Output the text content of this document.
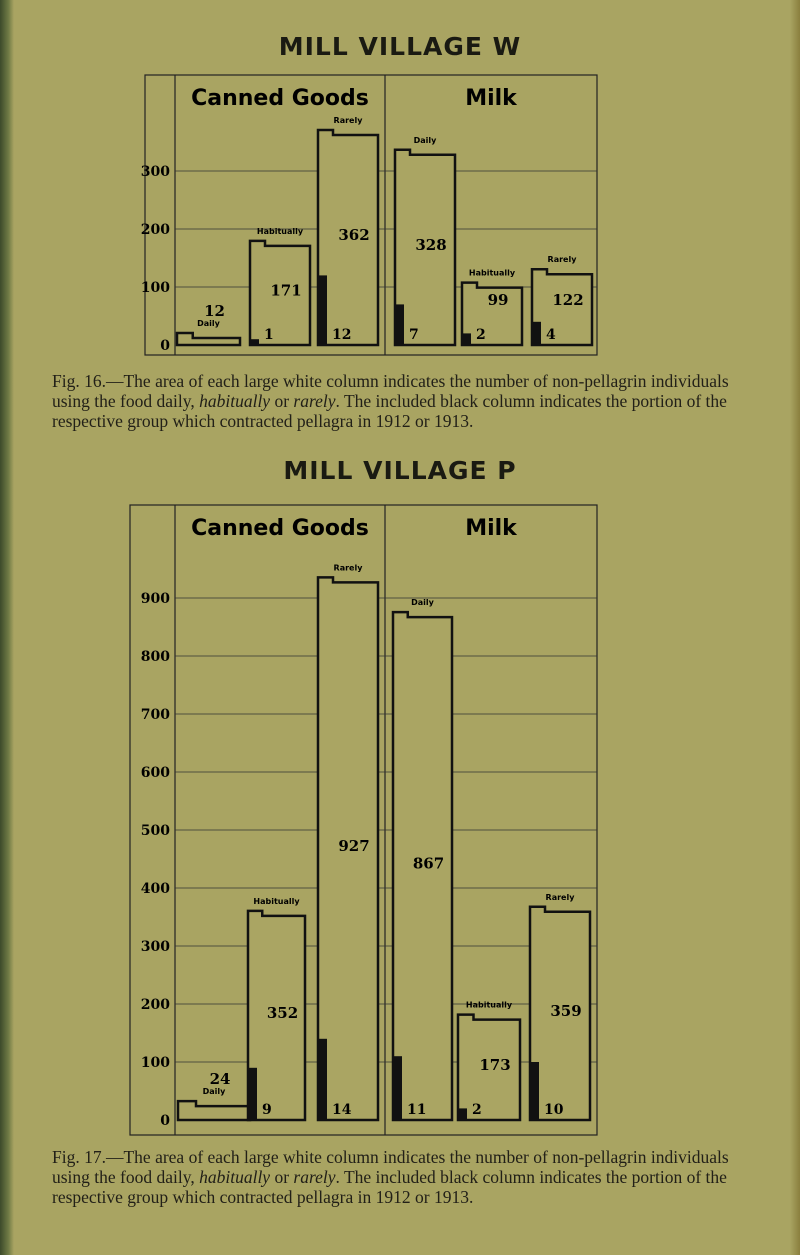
MILL VILLAGE W
MILL VILLAGE P
0
100
200
300
Canned Goods
Daily
12
Habitually
1
171
Rarely
12
362
Milk
Daily
7
328
Habitually
2
99
Rarely
4
122
0
100
200
300
400
500
600
700
800
900
Canned Goods
Daily
24
Habitually
9
352
Rarely
14
927
Milk
Daily
11
867
Habitually
2
173
Rarely
10
359
Fig. 16.—The area of each large white column indicates the number of non-pellagrin individuals using the food daily, habitually or rarely. The included black column indicates the portion of the respective group which contracted pellagra in 1912 or 1913.
Fig. 17.—The area of each large white column indicates the number of non-pellagrin individuals using the food daily, habitually or rarely. The included black column indicates the portion of the respective group which contracted pellagra in 1912 or 1913.
